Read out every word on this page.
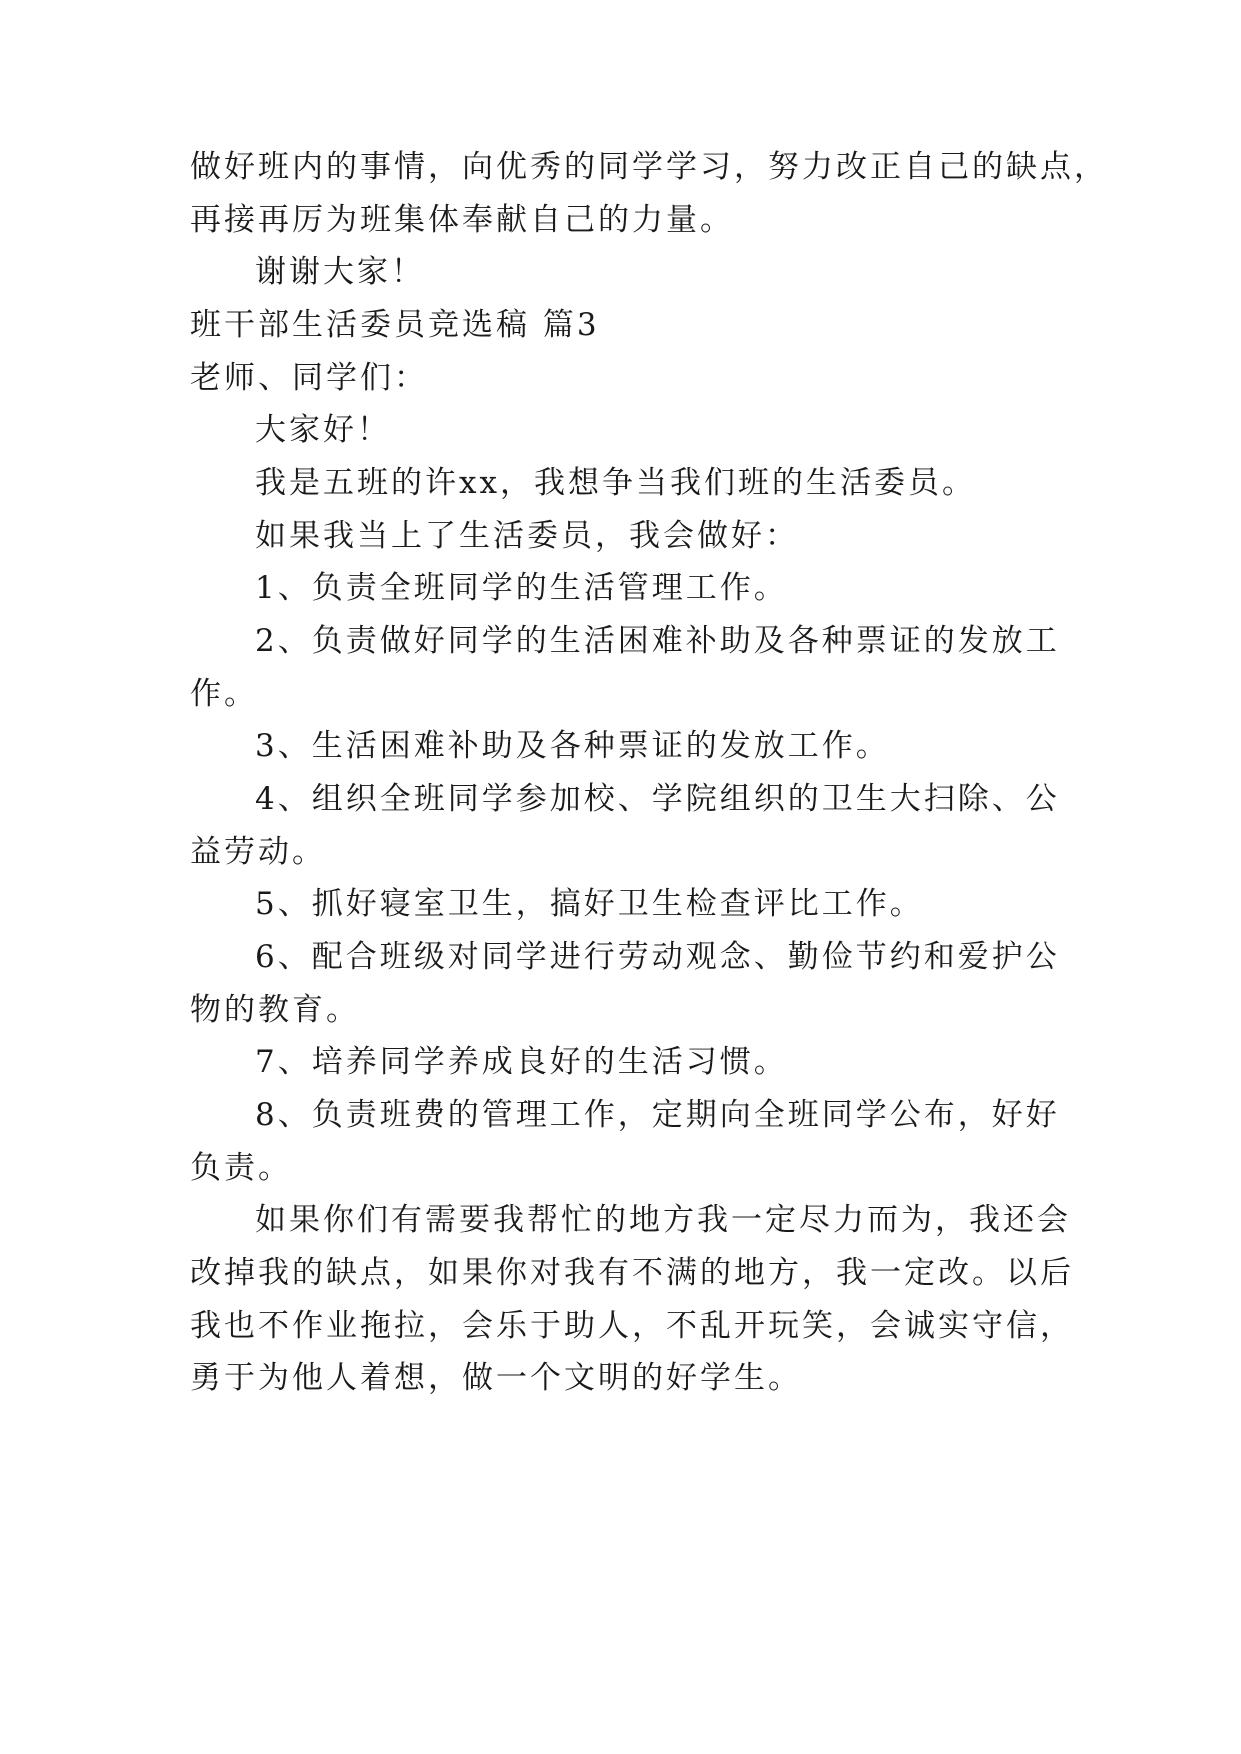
做好班内的事情，向优秀的同学学习，努力改正自己的缺点，
再接再厉为班集体奉献自己的力量。
谢谢大家！
班干部生活委员竞选稿 篇3
老师、同学们：
大家好！
我是五班的许xx，我想争当我们班的生活委员。
如果我当上了生活委员，我会做好：
1、负责全班同学的生活管理工作。
2、负责做好同学的生活困难补助及各种票证的发放工
作。
3、生活困难补助及各种票证的发放工作。
4、组织全班同学参加校、学院组织的卫生大扫除、公
益劳动。
5、抓好寝室卫生，搞好卫生检查评比工作。
6、配合班级对同学进行劳动观念、勤俭节约和爱护公
物的教育。
7、培养同学养成良好的生活习惯。
8、负责班费的管理工作，定期向全班同学公布，好好
负责。
如果你们有需要我帮忙的地方我一定尽力而为，我还会
改掉我的缺点，如果你对我有不满的地方，我一定改。以后
我也不作业拖拉，会乐于助人，不乱开玩笑，会诚实守信，
勇于为他人着想，做一个文明的好学生。
